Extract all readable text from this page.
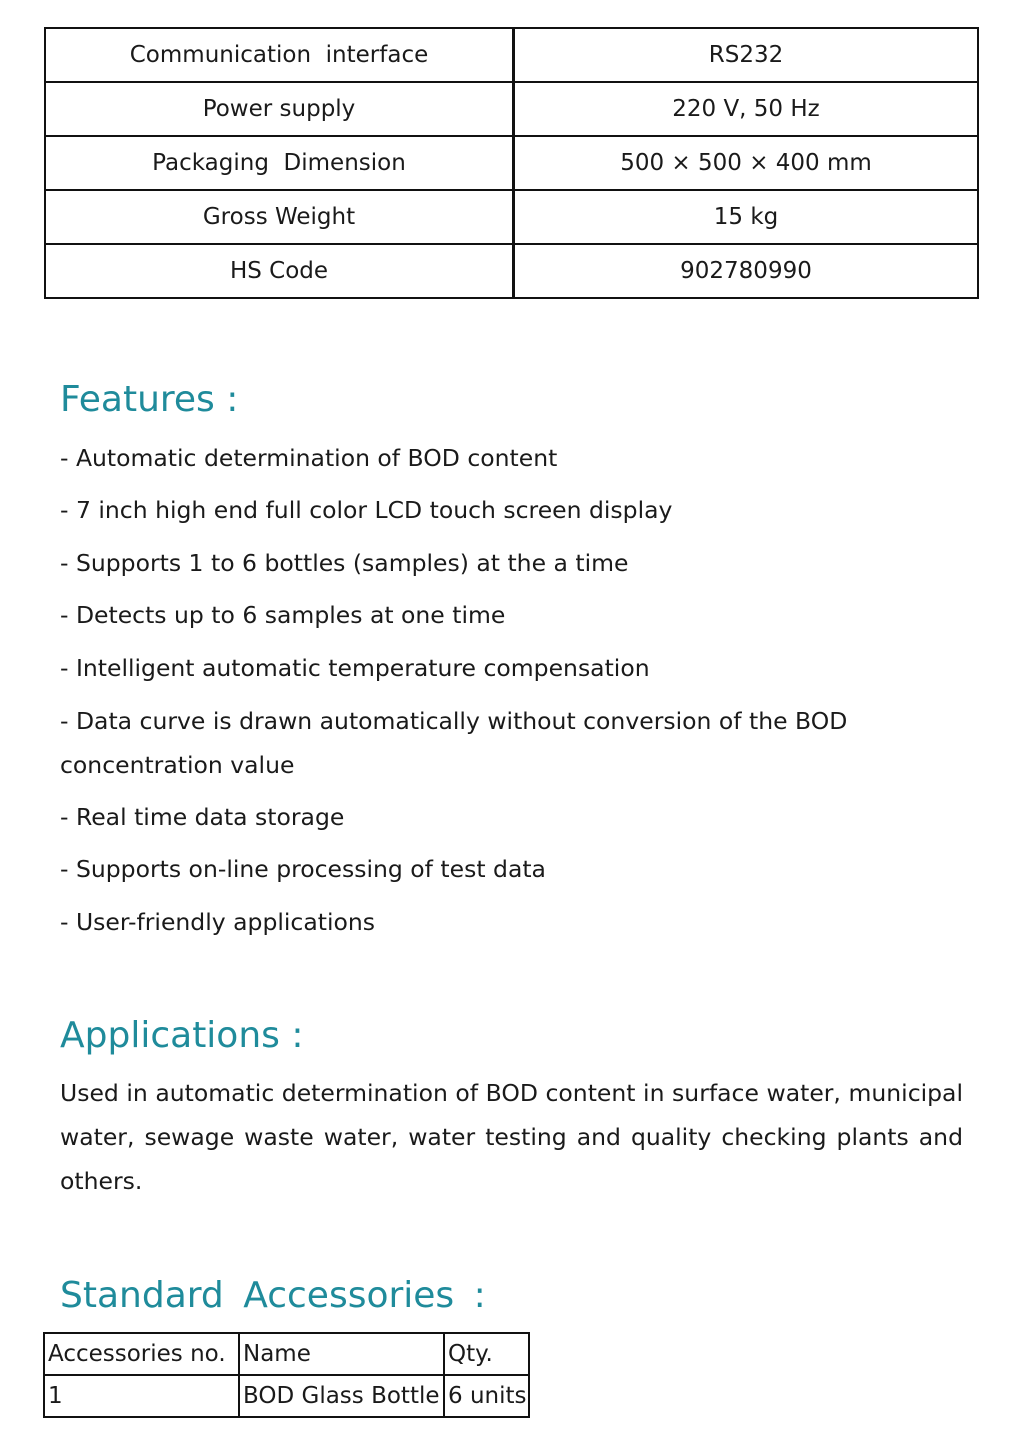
Communication  interface	RS232
Power supply	220 V, 50 Hz
Packaging  Dimension	500 × 500 × 400 mm
Gross Weight	15 kg
HS Code	902780990
Features :

- Automatic determination of BOD content

- 7 inch high end full color LCD touch screen display

- Supports 1 to 6 bottles (samples) at the a time

- Detects up to 6 samples at one time

- Intelligent automatic temperature compensation

- Data curve is drawn automatically without conversion of the BOD concentration value

- Real time data storage

- Supports on-line processing of test data

- User-friendly applications

Applications :

Used in automatic determination of BOD content in surface water, municipal water, sewage waste water, water testing and quality checking plants and others.

Standard Accessories :
Accessories no.	Name	Qty.
1	BOD Glass Bottle	6 units
